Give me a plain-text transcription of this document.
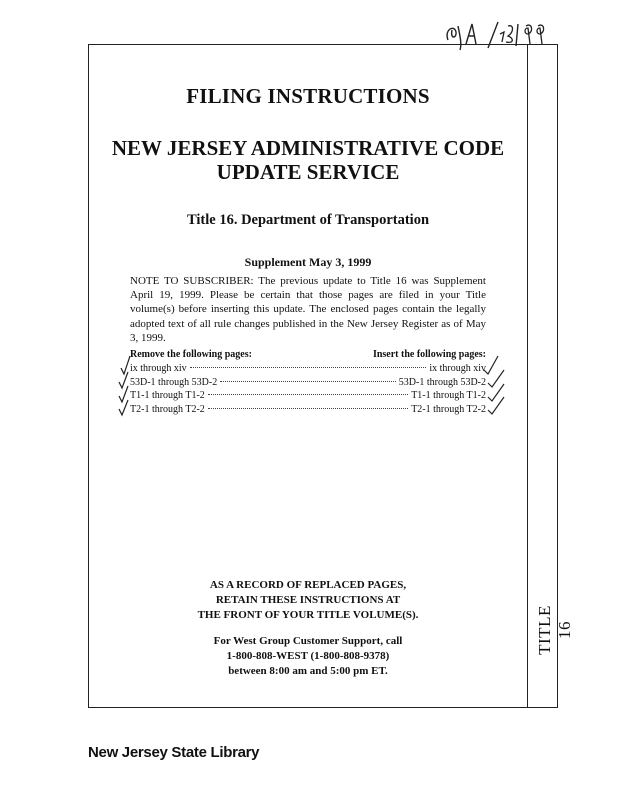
FILING INSTRUCTIONS
NEW JERSEY ADMINISTRATIVE CODE
UPDATE SERVICE
Title 16. Department of Transportation
Supplement May 3, 1999
NOTE TO SUBSCRIBER: The previous update to Title 16 was Supplement April 19, 1999. Please be certain that those pages are filed in your Title volume(s) before inserting this update. The enclosed pages contain the legally adopted text of all rule changes published in the New Jersey Register as of May 3, 1999.
Remove the following pages:	Insert the following pages:
ix through xiv	ix through xiv
53D-1 through 53D-2	53D-1 through 53D-2
T1-1 through T1-2	T1-1 through T1-2
T2-1 through T2-2	T2-1 through T2-2
AS A RECORD OF REPLACED PAGES,
RETAIN THESE INSTRUCTIONS AT
THE FRONT OF YOUR TITLE VOLUME(S).
For West Group Customer Support, call
1-800-808-WEST (1-800-808-9378)
between 8:00 am and 5:00 pm ET.
TITLE 16
New Jersey State Library
